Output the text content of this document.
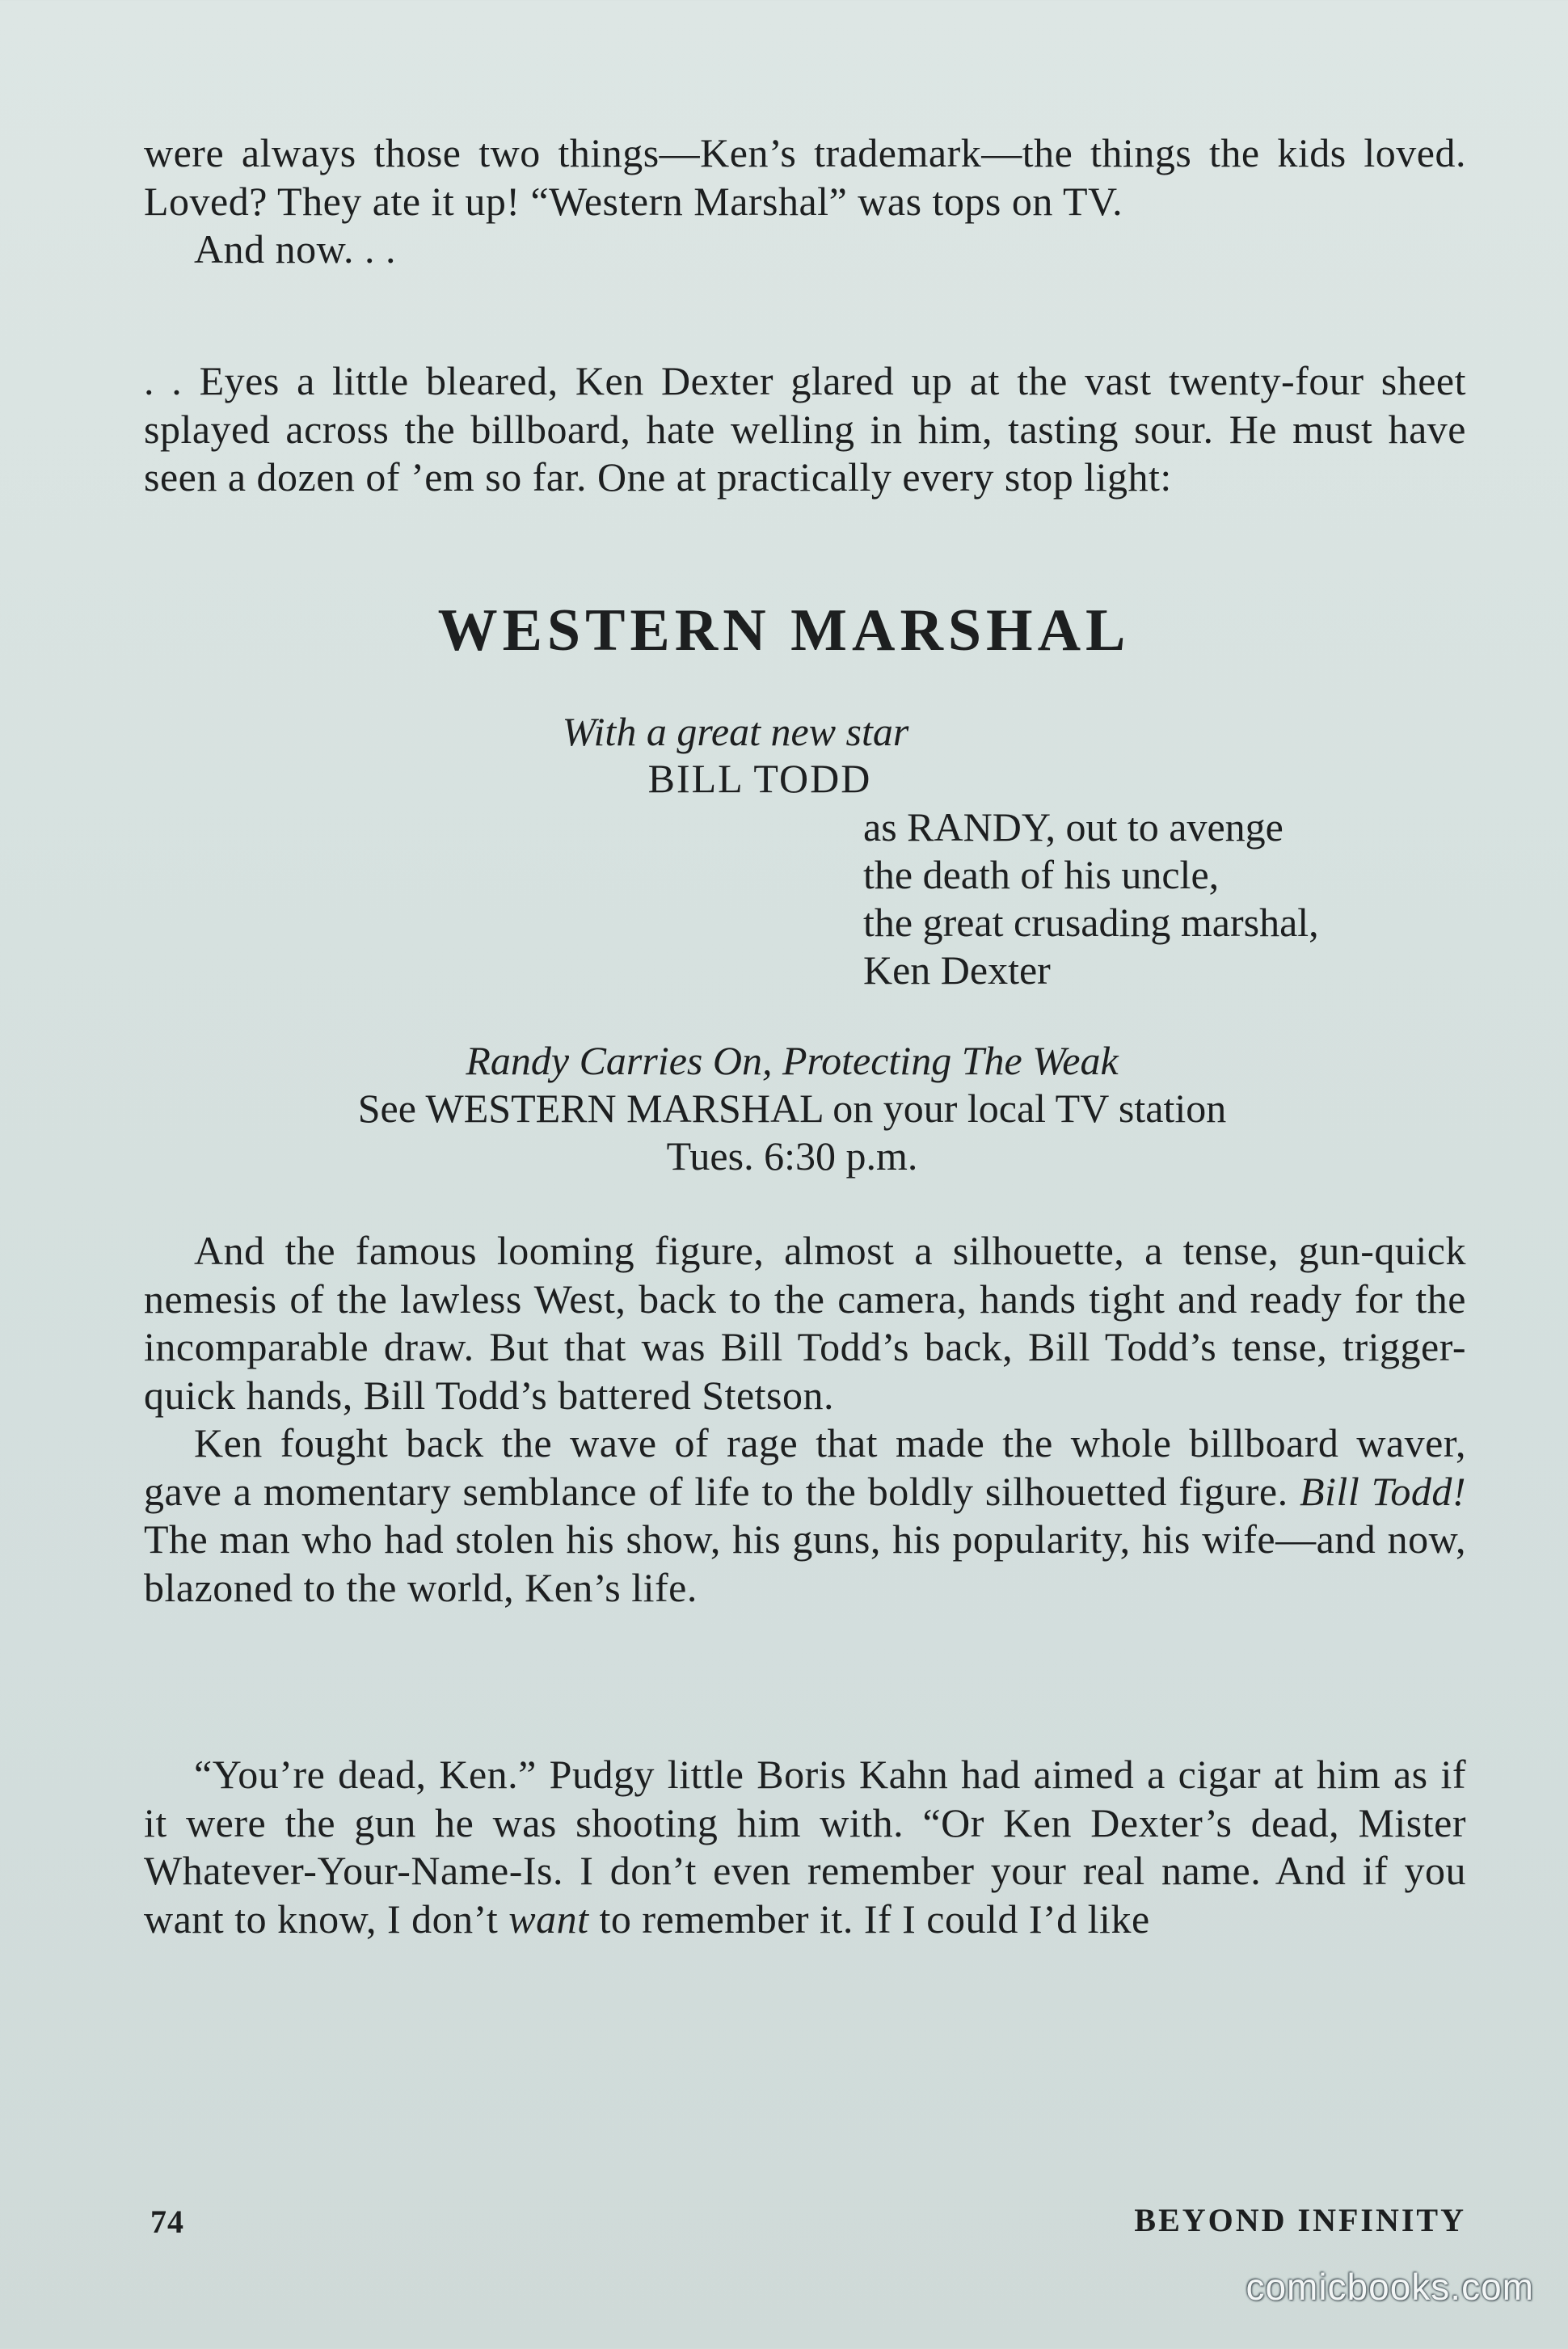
were always those two things—Ken’s trademark—the things the kids loved. Loved? They ate it up! “Western Marshal” was tops on TV.

And now. . .

. . Eyes a little bleared, Ken Dexter glared up at the vast twenty-four sheet splayed across the billboard, hate welling in him, tasting sour. He must have seen a dozen of ’em so far. One at practically every stop light:

WESTERN MARSHAL
With a great new star
BILL TODD
as RANDY, out to avenge
the death of his uncle,
the great crusading marshal,
Ken Dexter
Randy Carries On, Protecting The Weak
See WESTERN MARSHAL on your local TV station
Tues. 6:30 p.m.

And the famous looming figure, almost a silhouette, a tense, gun-quick nemesis of the lawless West, back to the camera, hands tight and ready for the incomparable draw. But that was Bill Todd’s back, Bill Todd’s tense, trigger-quick hands, Bill Todd’s battered Stetson.

Ken fought back the wave of rage that made the whole billboard waver, gave a momentary semblance of life to the boldly silhouetted figure. Bill Todd! The man who had stolen his show, his guns, his popularity, his wife—and now, blazoned to the world, Ken’s life.

“You’re dead, Ken.” Pudgy little Boris Kahn had aimed a cigar at him as if it were the gun he was shooting him with. “Or Ken Dexter’s dead, Mister Whatever-Your-Name-Is. I don’t even remember your real name. And if you want to know, I don’t want to remember it. If I could I’d like

74	BEYOND INFINITY
comicbooks.com
